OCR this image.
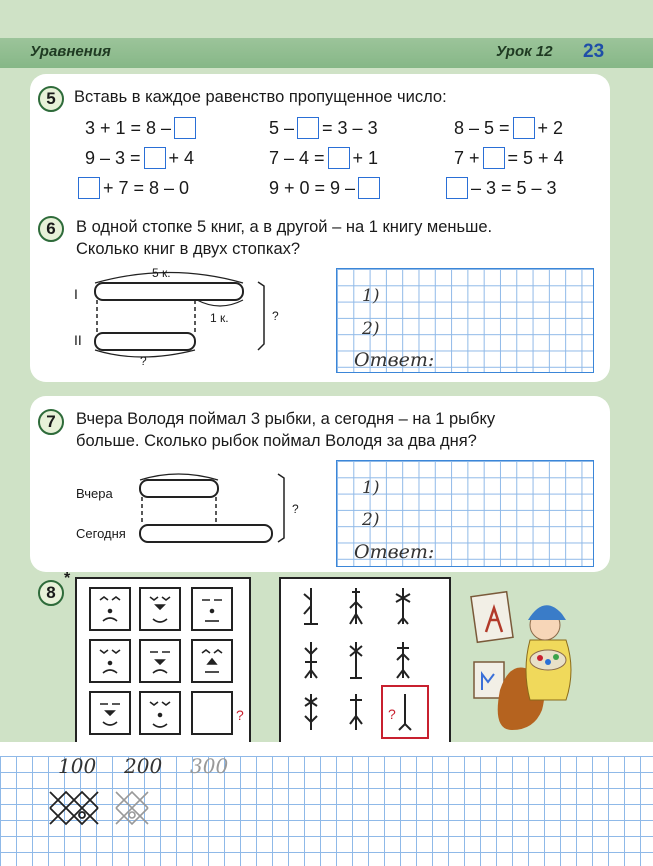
Уравнения	Урок 12 23
5	Вставь в каждое равенство пропущенное число:
3 + 1 = 8 –	5 – = 3 – 3	8 – 5 = + 2
9 – 3 = + 4	7 – 4 = + 1	7 + = 5 + 4
+ 7 = 8 – 0	9 + 0 = 9 –	– 3 = 5 – 3
6	В одной стопке 5 книг, а в другой – на 1 книгу меньше.
Сколько книг в двух стопках?
I
II
5 к.
1 к.	?
?
1)
2)
Ответ:
7	Вчера Володя поймал 3 рыбки, а сегодня – на 1 рыбку
больше. Сколько рыбок поймал Володя за два дня?
Вчера
Сегодня
?
1)
2)
Ответ:
8
*
?	?
100 200 300
